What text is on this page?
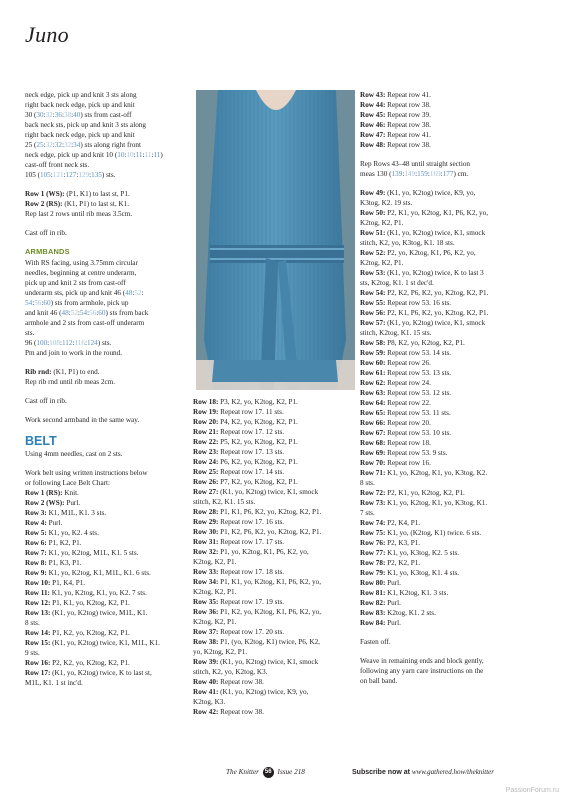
Juno
neck edge, pick up and knit 3 sts along
right back neck edge, pick up and knit
30 (30:32:36:38:40) sts from cast-off
back neck sts, pick up and knit 3 sts along
right back neck edge, pick up and knit
25 (25:32:32:32:34) sts along right front
neck edge, pick up and knit 10 (10:10:11:11:11)
cast-off front neck sts.
105 (105:121:127:129:135) sts.
Row 1 (WS): (P1, K1) to last st, P1.
Row 2 (RS): (K1, P1) to last st, K1.
Rep last 2 rows until rib meas 3.5cm.
Cast off in rib.
ARMBANDS
With RS facing, using 3.75mm circular
needles, beginning at centre underarm,
pick up and knit 2 sts from cast-off
underarm sts, pick up and knit 46 (48:52:
54:56:60) sts from armhole, pick up
and knit 46 (48:52:54:56:60) sts from back
armhole and 2 sts from cast-off underarm
sts.
96 (100:108:112:116:124) sts.
Pm and join to work in the round.
Rib rnd: (K1, P1) to end.
Rep rib rnd until rib meas 2cm.
Cast off in rib.
Work second armband in the same way.
BELT
Using 4mm needles, cast on 2 sts.
Work belt using written instructions below
or following Lace Belt Chart:
Row 1 (RS): Knit.
Row 2 (WS): Purl.
Row 3: K1, M1L, K1. 3 sts.
Row 4: Purl.
Row 5: K1, yo, K2. 4 sts.
Row 6: P1, K2, P1.
Row 7: K1, yo, K2tog, M1L, K1. 5 sts.
Row 8: P1, K3, P1.
Row 9: K1, yo, K2tog, K1, M1L, K1. 6 sts.
Row 10: P1, K4, P1.
Row 11: K1, yo, K2tog, K1, yo, K2. 7 sts.
Row 12: P1, K1, yo, K2tog, K2, P1.
Row 13: (K1, yo, K2tog) twice, M1L, K1.
8 sts.
Row 14: P1, K2, yo, K2tog, K2, P1.
Row 15: (K1, yo, K2tog) twice, K1, M1L, K1.
9 sts.
Row 16: P2, K2, yo, K2tog, K2, P1.
Row 17: (K1, yo, K2tog) twice, K to last st,
M1L, K1. 1 st inc'd.
Row 18: P3, K2, yo, K2tog, K2, P1.
Row 19: Repeat row 17. 11 sts.
Row 20: P4, K2, yo, K2tog, K2, P1.
Row 21: Repeat row 17. 12 sts.
Row 22: P5, K2, yo, K2tog, K2, P1.
Row 23: Repeat row 17. 13 sts.
Row 24: P6, K2, yo, K2tog, K2, P1.
Row 25: Repeat row 17. 14 sts.
Row 26: P7, K2, yo, K2tog, K2, P1.
Row 27: (K1, yo, K2tog) twice, K1, smock
stitch, K2, K1. 15 sts.
Row 28: P1, K1, P6, K2, yo, K2tog, K2, P1.
Row 29: Repeat row 17. 16 sts.
Row 30: P1, K2, P6, K2, yo, K2tog, K2, P1.
Row 31: Repeat row 17. 17 sts.
Row 32: P1, yo, K2tog, K1, P6, K2, yo,
K2tog, K2, P1.
Row 33: Repeat row 17. 18 sts.
Row 34: P1, K1, yo, K2tog, K1, P6, K2, yo,
K2tog, K2, P1.
Row 35: Repeat row 17. 19 sts.
Row 36: P1, K2, yo, K2tog, K1, P6, K2, yo,
K2tog, K2, P1.
Row 37: Repeat row 17. 20 sts.
Row 38: P1, (yo, K2tog, K1) twice, P6, K2,
yo, K2tog, K2, P1.
Row 39: (K1, yo, K2tog) twice, K1, smock
stitch, K2, yo, K2tog, K3.
Row 40: Repeat row 38.
Row 41: (K1, yo, K2tog) twice, K9, yo,
K2tog, K3.
Row 42: Repeat row 38.
Row 43: Repeat row 41.
Row 44: Repeat row 38.
Row 45: Repeat row 39.
Row 46: Repeat row 38.
Row 47: Repeat row 41.
Row 48: Repeat row 38.
Rep Rows 43–48 until straight section
meas 130 (139:149:159:169:177) cm.
Row 49: (K1, yo, K2tog) twice, K9, yo,
K3tog, K2. 19 sts.
Row 50: P2, K1, yo, K2tog, K1, P6, K2, yo,
K2tog, K2, P1.
Row 51: (K1, yo, K2tog) twice, K1, smock
stitch, K2, yo, K3tog, K1. 18 sts.
Row 52: P2, yo, K2tog, K1, P6, K2, yo,
K2tog, K2, P1.
Row 53: (K1, yo, K2tog) twice, K to last 3
sts, K2tog, K1. 1 st dec'd.
Row 54: P2, K2, P6, K2, yo, K2tog, K2, P1.
Row 55: Repeat row 53. 16 sts.
Row 56: P2, K1, P6, K2, yo, K2tog, K2, P1.
Row 57: (K1, yo, K2tog) twice, K1, smock
stitch, K2tog, K1. 15 sts.
Row 58: P8, K2, yo, K2tog, K2, P1.
Row 59: Repeat row 53. 14 sts.
Row 60: Repeat row 26.
Row 61: Repeat row 53. 13 sts.
Row 62: Repeat row 24.
Row 63: Repeat row 53. 12 sts.
Row 64: Repeat row 22.
Row 65: Repeat row 53. 11 sts.
Row 66: Repeat row 20.
Row 67: Repeat row 53. 10 sts.
Row 68: Repeat row 18.
Row 69: Repeat row 53. 9 sts.
Row 70: Repeat row 16.
Row 71: K1, yo, K2tog, K1, yo, K3tog, K2.
8 sts.
Row 72: P2, K1, yo, K2tog, K2, P1.
Row 73: K1, yo, K2tog, K1, yo, K3tog, K1.
7 sts.
Row 74: P2, K4, P1.
Row 75: K1, yo, (K2tog, K1) twice. 6 sts.
Row 76: P2, K3, P1.
Row 77: K1, yo, K3tog, K2. 5 sts.
Row 78: P2, K2, P1.
Row 79: K1, yo, K3tog, K1. 4 sts.
Row 80: Purl.
Row 81: K1, K2tog, K1. 3 sts.
Row 82: Purl.
Row 83: K2tog, K1. 2 sts.
Row 84: Purl.
Fasten off.
Weave in remaining ends and block gently,
following any yarn care instructions on the
on ball band.
The Knitter 56 Issue 218	Subscribe now at www.gathered.how/theknitter
PassionForum.ru
